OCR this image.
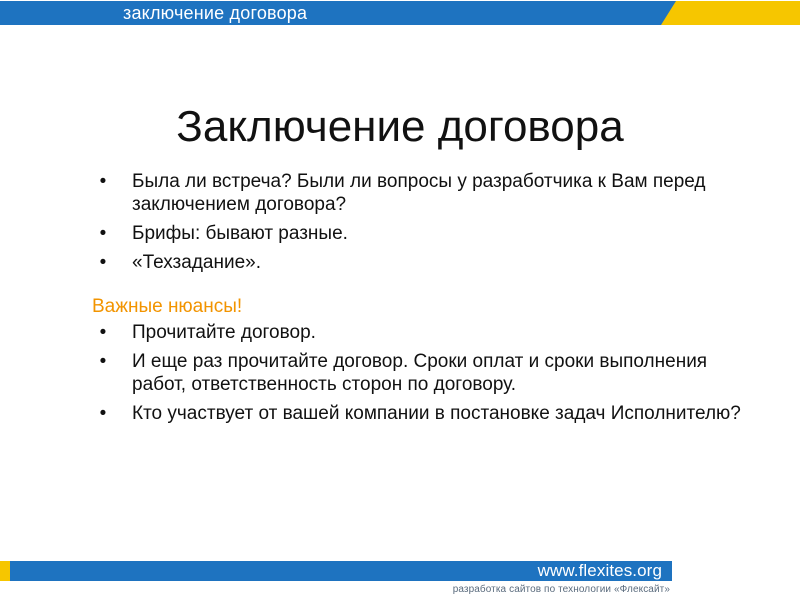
заключение договора
Заключение договора
• Была ли встреча? Были ли вопросы у разработчика к Вам перед заключением договора?
• Брифы: бывают разные.
• «Техзадание».
Важные нюансы!
• Прочитайте договор.
• И еще раз прочитайте договор. Сроки оплат и сроки выполнения работ, ответственность сторон по договору.
• Кто участвует от вашей компании в постановке задач Исполнителю?
www.flexites.org
разработка сайтов по технологии «Флексайт»
